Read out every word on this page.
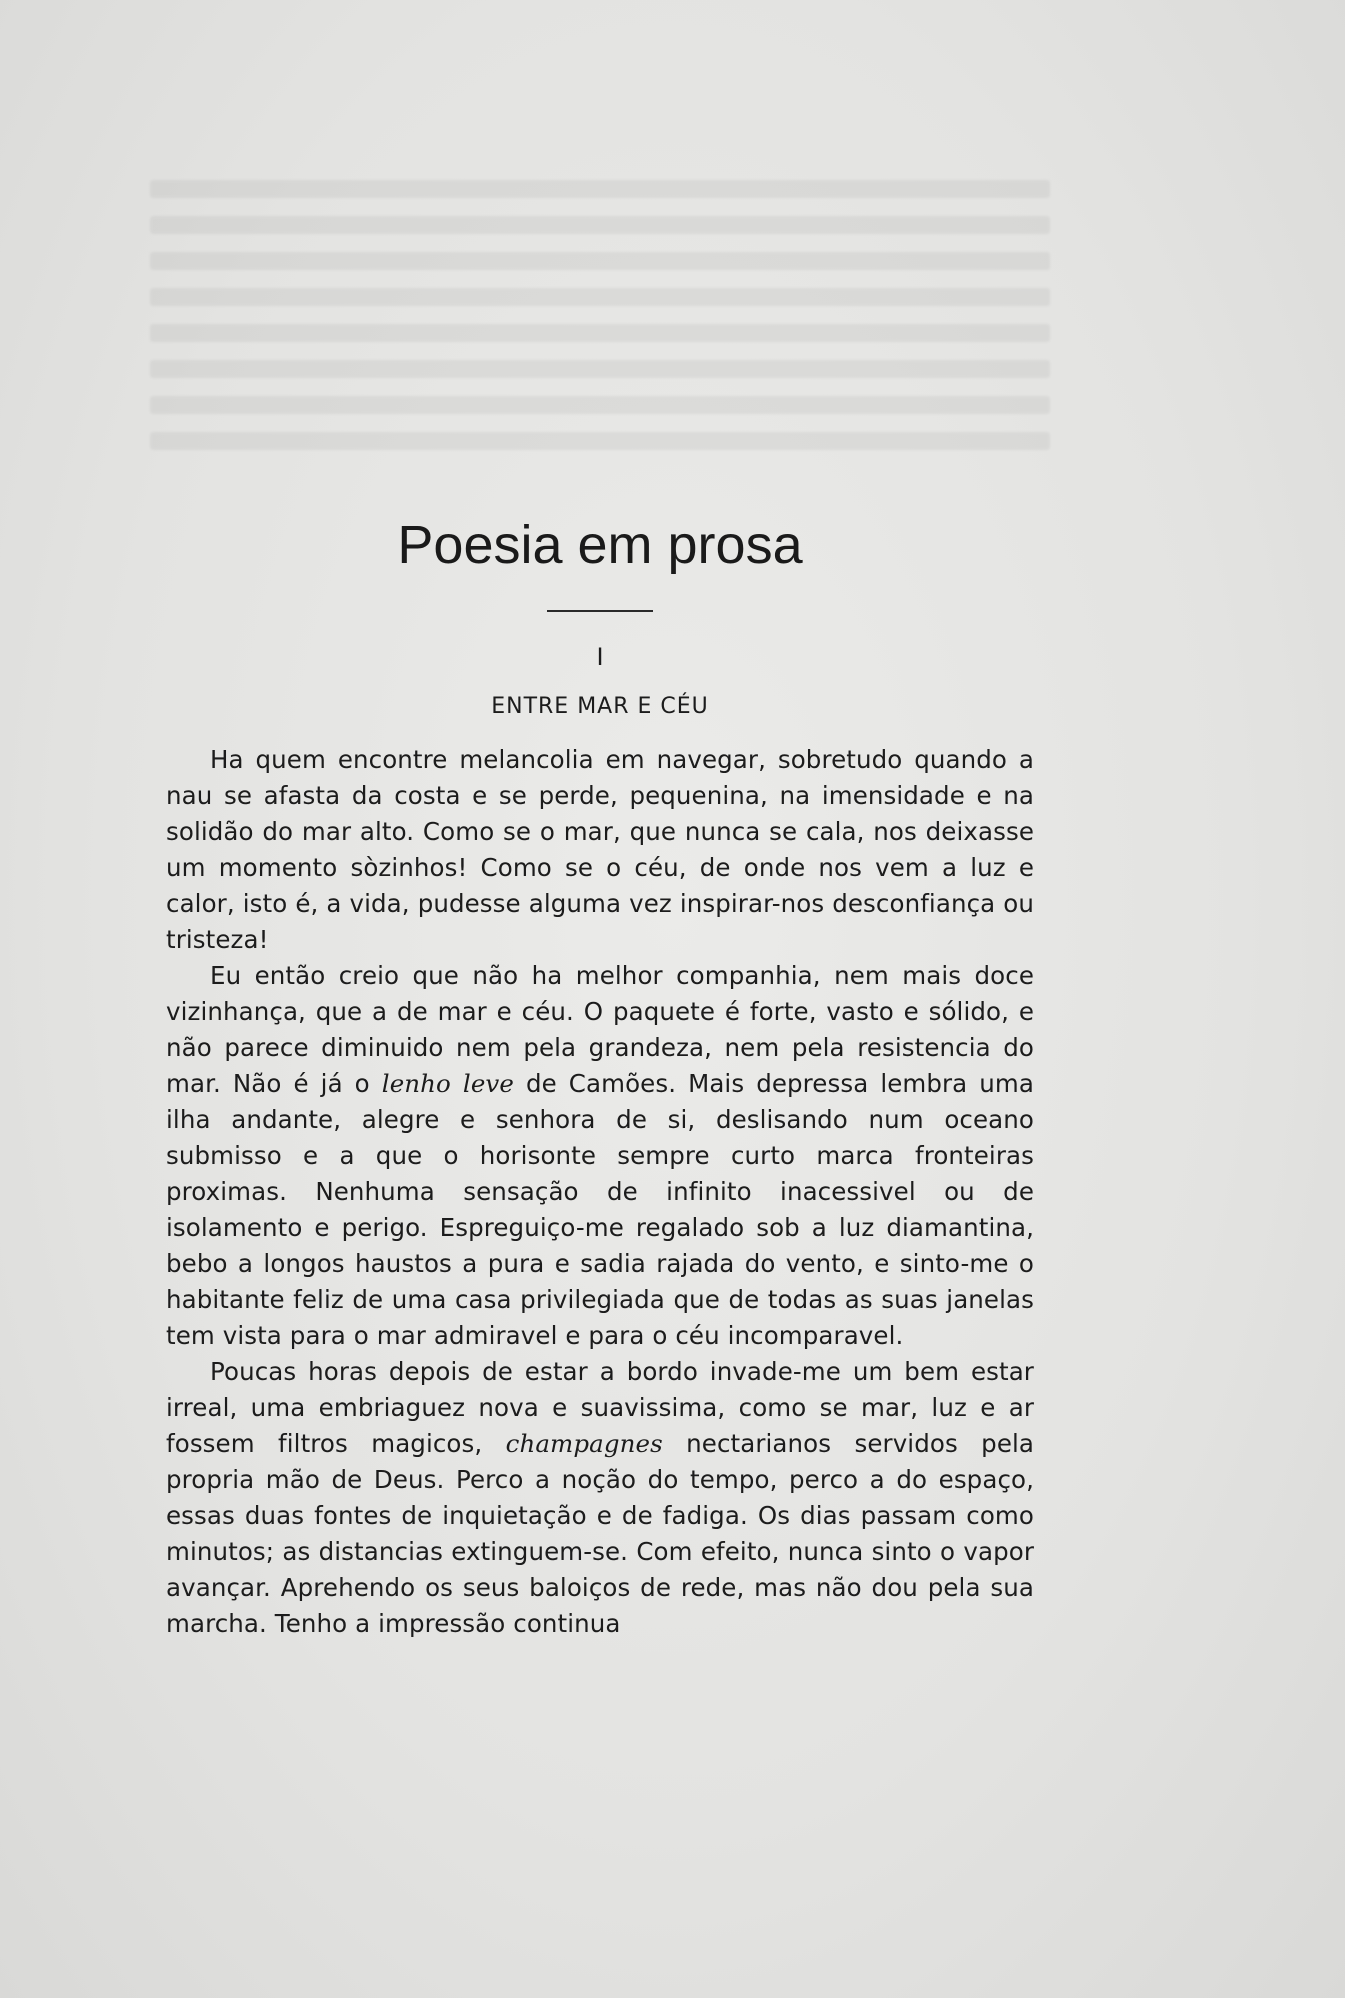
Poesia em prosa
I
ENTRE MAR E CÉU

Ha quem encontre melancolia em navegar, sobretudo quando a nau se afasta da costa e se perde, pequenina, na imensidade e na solidão do mar alto. Como se o mar, que nunca se cala, nos deixasse um momento sòzinhos! Como se o céu, de onde nos vem a luz e calor, isto é, a vida, pudesse alguma vez inspirar-nos desconfiança ou tristeza!

Eu então creio que não ha melhor companhia, nem mais doce vizinhança, que a de mar e céu. O paquete é forte, vasto e sólido, e não parece diminuido nem pela grandeza, nem pela resistencia do mar. Não é já o lenho leve de Camões. Mais depressa lembra uma ilha andante, alegre e senhora de si, deslisando num oceano submisso e a que o horisonte sempre curto marca fronteiras proximas. Nenhuma sensação de infinito inacessivel ou de isolamento e perigo. Espreguiço-me regalado sob a luz diamantina, bebo a longos haustos a pura e sadia rajada do vento, e sinto-me o habitante feliz de uma casa privilegiada que de todas as suas janelas tem vista para o mar admiravel e para o céu incomparavel.

Poucas horas depois de estar a bordo invade-me um bem estar irreal, uma embriaguez nova e suavissima, como se mar, luz e ar fossem filtros magicos, champagnes nectarianos servidos pela propria mão de Deus. Perco a noção do tempo, perco a do espaço, essas duas fontes de inquietação e de fadiga. Os dias passam como minutos; as distancias extinguem-se. Com efeito, nunca sinto o vapor avançar. Aprehendo os seus baloiços de rede, mas não dou pela sua marcha. Tenho a impressão continua
